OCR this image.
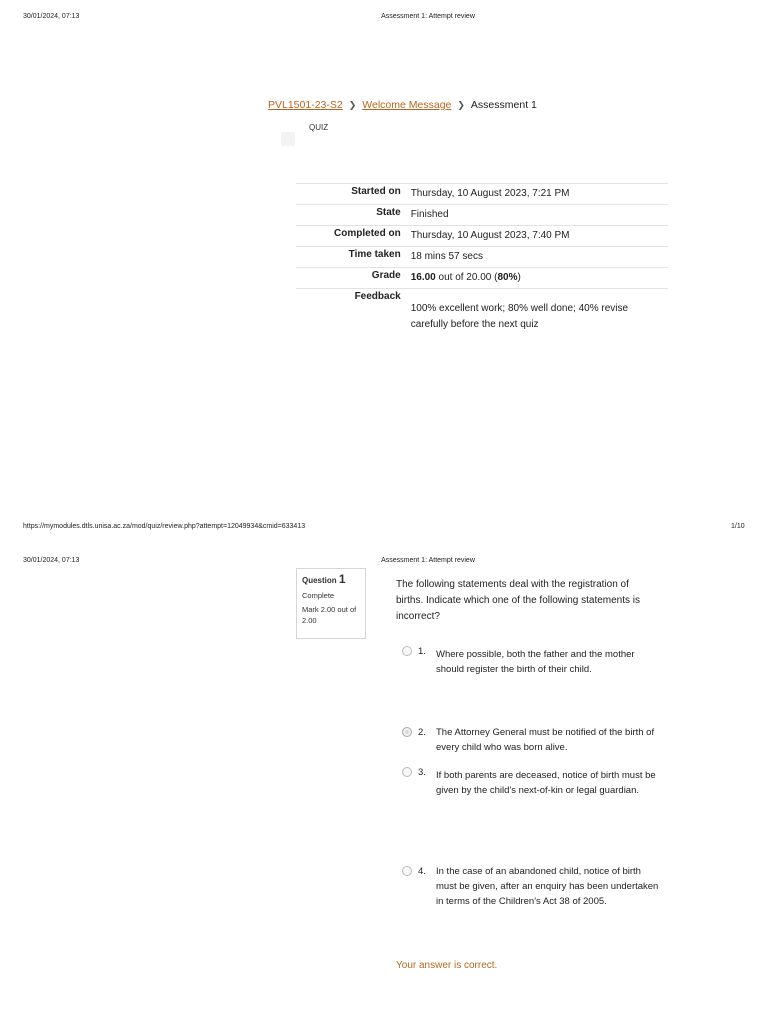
30/01/2024, 07:13	Assessment 1: Attempt review
PVL1501-23-S2 ❯ Welcome Message ❯ Assessment 1
QUIZ
Started on	Thursday, 10 August 2023, 7:21 PM
State	Finished
Completed on	Thursday, 10 August 2023, 7:40 PM
Time taken	18 mins 57 secs
Grade	16.00 out of 20.00 (80%)
Feedback	100% excellent work; 80% well done; 40% revise carefully before the next quiz
https://mymodules.dtls.unisa.ac.za/mod/quiz/review.php?attempt=12049934&cmid=633413	1/10
30/01/2024, 07:13	Assessment 1: Attempt review
Question 1
Complete
Mark 2.00 out of 2.00
The following statements deal with the registration of births. Indicate which one of the following statements is incorrect?
1.	Where possible, both the father and the mother should register the birth of their child.
2.	The Attorney General must be notified of the birth of every child who was born alive.
3.	If both parents are deceased, notice of birth must be given by the child's next-of-kin or legal guardian.
4.	In the case of an abandoned child, notice of birth must be given, after an enquiry has been undertaken in terms of the Children's Act 38 of 2005.
Your answer is correct.
